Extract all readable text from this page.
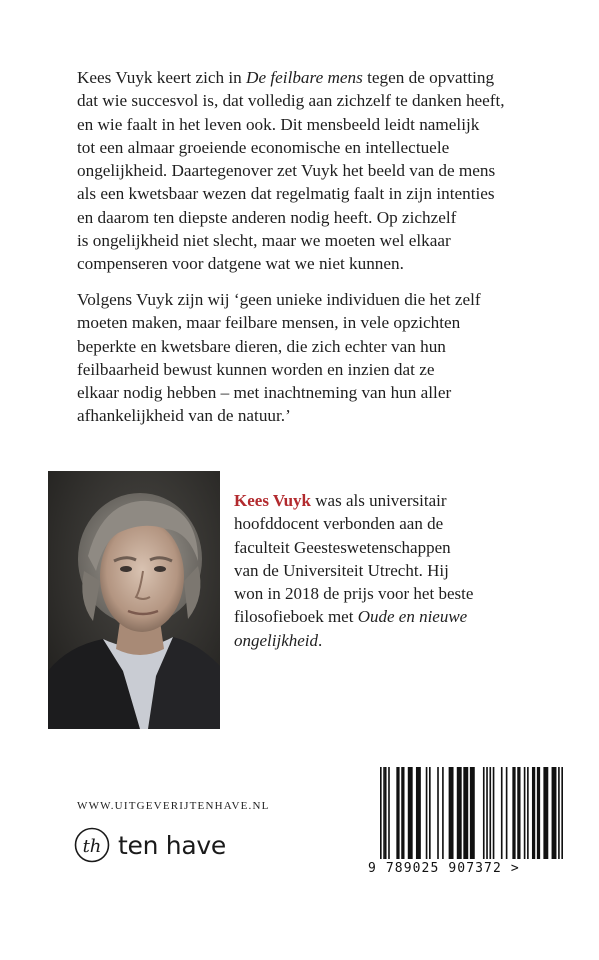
Kees Vuyk keert zich in De feilbare mens tegen de opvatting
dat wie succesvol is, dat volledig aan zichzelf te danken heeft,
en wie faalt in het leven ook. Dit mensbeeld leidt namelijk
tot een almaar groeiende economische en intellectuele
ongelijkheid. Daartegenover zet Vuyk het beeld van de mens
als een kwetsbaar wezen dat regelmatig faalt in zijn intenties
en daarom ten diepste anderen nodig heeft. Op zichzelf
is ongelijkheid niet slecht, maar we moeten wel elkaar
compenseren voor datgene wat we niet kunnen.

Volgens Vuyk zijn wij ‘geen unieke individuen die het zelf
moeten maken, maar feilbare mensen, in vele opzichten
beperkte en kwetsbare dieren, die zich echter van hun
feilbaarheid bewust kunnen worden en inzien dat ze
elkaar nodig hebben – met inachtneming van hun aller
afhankelijkheid van de natuur.’

Kees Vuyk was als universitair
hoofddocent verbonden aan de
faculteit Geesteswetenschappen
van de Universiteit Utrecht. Hij
won in 2018 de prijs voor het beste
filosofieboek met Oude en nieuwe
ongelijkheid.

WWW.UITGEVERIJTENHAVE.NL
th ten have
9 789025 907372 >
